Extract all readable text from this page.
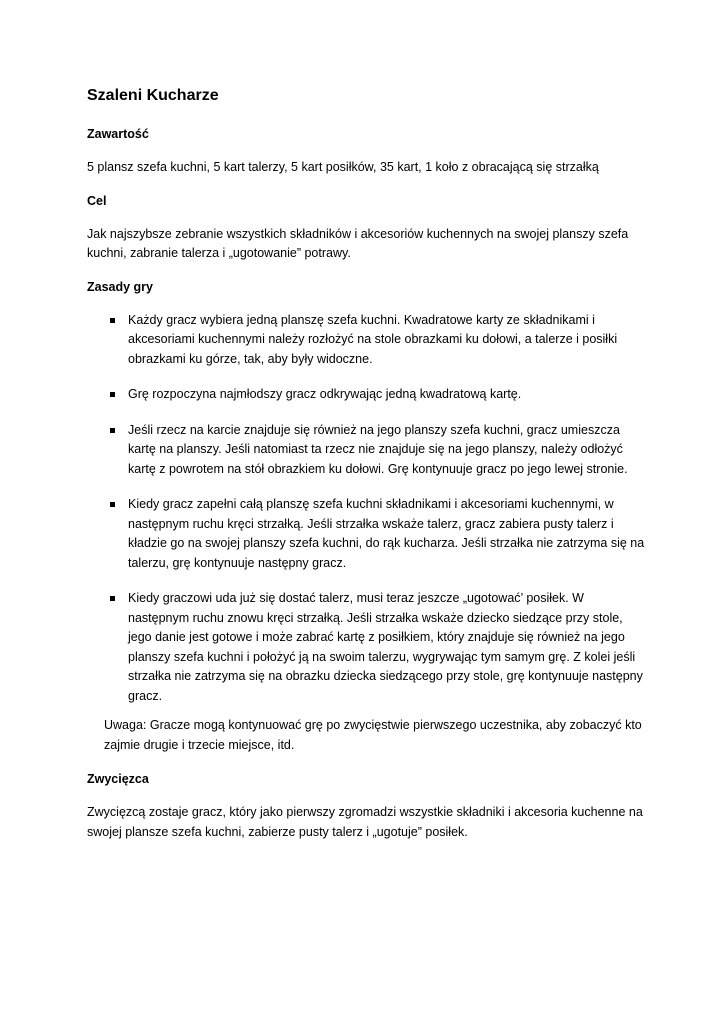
Szaleni Kucharze
Zawartość

5 plansz szefa kuchni, 5 kart talerzy, 5 kart posiłków, 35 kart, 1 koło z obracającą się strzałką

Cel

Jak najszybsze zebranie wszystkich składników i akcesoriów kuchennych na swojej planszy szefa kuchni, zabranie talerza i „ugotowanie” potrawy.

Zasady gry
Każdy gracz wybiera jedną planszę szefa kuchni. Kwadratowe karty ze składnikami i akcesoriami kuchennymi należy rozłożyć na stole obrazkami ku dołowi, a talerze i posiłki obrazkami ku górze, tak, aby były widoczne.
Grę rozpoczyna najmłodszy gracz odkrywając jedną kwadratową kartę.
Jeśli rzecz na karcie znajduje się również na jego planszy szefa kuchni, gracz umieszcza kartę na planszy. Jeśli natomiast ta rzecz nie znajduje się na jego planszy, należy odłożyć kartę z powrotem na stół obrazkiem ku dołowi. Grę kontynuuje gracz po jego lewej stronie.
Kiedy gracz zapełni całą planszę szefa kuchni składnikami i akcesoriami kuchennymi, w następnym ruchu kręci strzałką. Jeśli strzałka wskaże talerz, gracz zabiera pusty talerz i kładzie go na swojej planszy szefa kuchni, do rąk kucharza. Jeśli strzałka nie zatrzyma się na talerzu, grę kontynuuje następny gracz.
Kiedy graczowi uda już się dostać talerz, musi teraz jeszcze „ugotować’ posiłek. W następnym ruchu znowu kręci strzałką. Jeśli strzałka wskaże dziecko siedzące przy stole, jego danie jest gotowe i może zabrać kartę z posiłkiem, który znajduje się również na jego planszy szefa kuchni i położyć ją na swoim talerzu, wygrywając tym samym grę. Z kolei jeśli strzałka nie zatrzyma się na obrazku dziecka siedzącego przy stole, grę kontynuuje następny gracz.

Uwaga: Gracze mogą kontynuować grę po zwycięstwie pierwszego uczestnika, aby zobaczyć kto zajmie drugie i trzecie miejsce, itd.

Zwycięzca

Zwycięzcą zostaje gracz, który jako pierwszy zgromadzi wszystkie składniki i akcesoria kuchenne na swojej plansze szefa kuchni, zabierze pusty talerz i „ugotuje” posiłek.
